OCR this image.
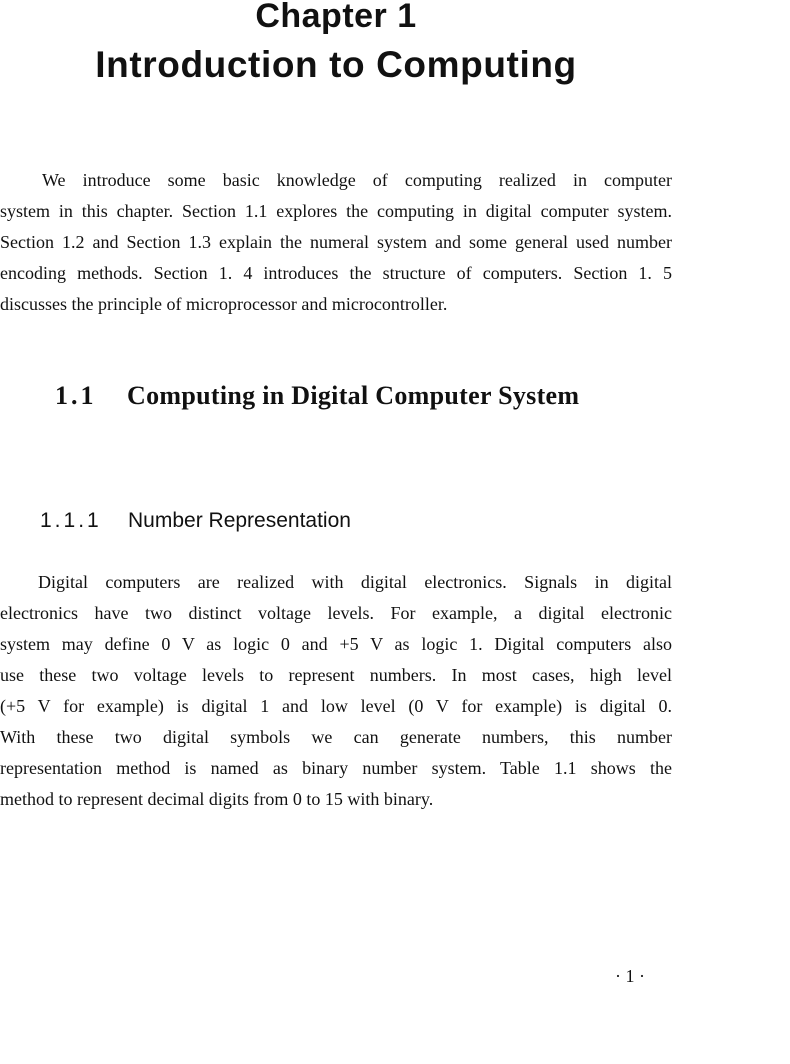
Chapter 1
Introduction to Computing

We introduce some basic knowledge of computing realized in computer
system in this chapter. Section 1.1 explores the computing in digital computer system.
Section 1.2 and Section 1.3 explain the numeral system and some general used number
encoding methods. Section 1. 4 introduces the structure of computers. Section 1. 5
discusses the principle of microprocessor and microcontroller.

1.1 Computing in Digital Computer System
1.1.1 Number Representation

Digital computers are realized with digital electronics. Signals in digital
electronics have two distinct voltage levels. For example, a digital electronic
system may define 0 V as logic 0 and +5 V as logic 1. Digital computers also
use these two voltage levels to represent numbers. In most cases, high level
(+5 V for example) is digital 1 and low level (0 V for example) is digital 0.
With these two digital symbols we can generate numbers, this number
representation method is named as binary number system. Table 1.1 shows the
method to represent decimal digits from 0 to 15 with binary.

· 1 ·
